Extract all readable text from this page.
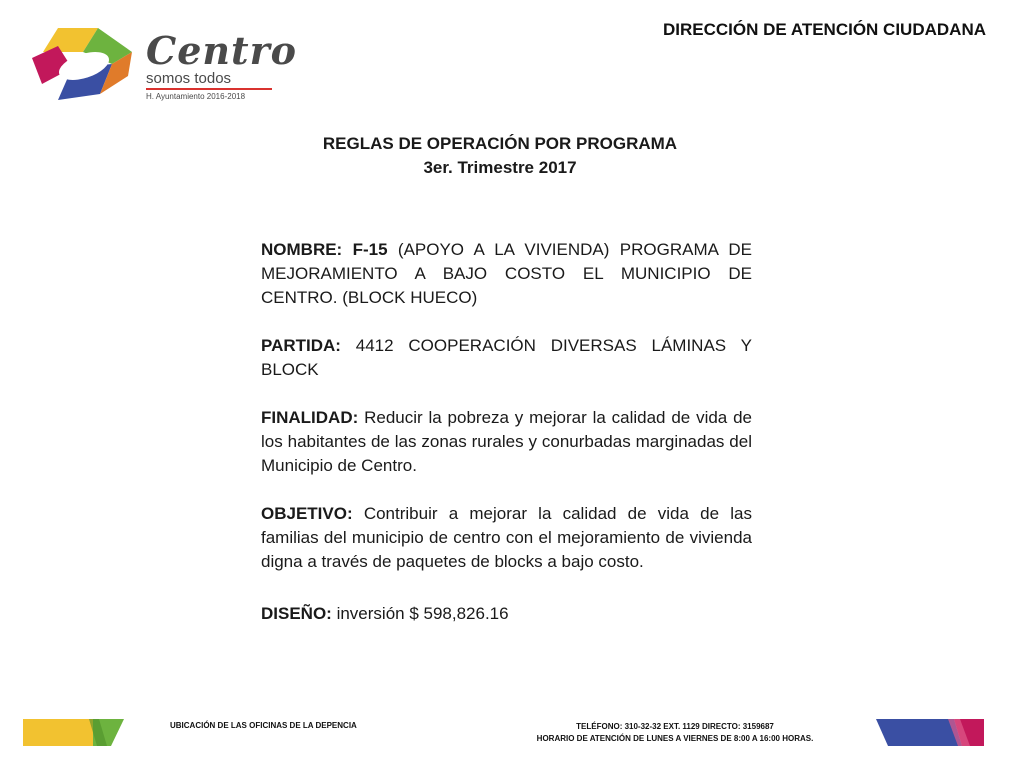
Centro
somos todos
H. Ayuntamiento 2016-2018
DIRECCIÓN DE ATENCIÓN CIUDADANA
REGLAS DE OPERACIÓN POR PROGRAMA
3er. Trimestre 2017

NOMBRE: F-15 (APOYO A LA VIVIENDA) PROGRAMA DE MEJORAMIENTO A BAJO COSTO EL MUNICIPIO DE CENTRO. (BLOCK HUECO)

PARTIDA: 4412 COOPERACIÓN DIVERSAS LÁMINAS Y BLOCK

FINALIDAD: Reducir la pobreza y mejorar la calidad de vida de los habitantes de las zonas rurales y conurbadas marginadas del Municipio de Centro.

OBJETIVO: Contribuir a mejorar la calidad de vida de las familias del municipio de centro con el mejoramiento de vivienda digna a través de paquetes de blocks a bajo costo.

DISEÑO: inversión $ 598,826.16

UBICACIÓN DE LAS OFICINAS DE LA DEPENCIA	TELÉFONO: 310-32-32 EXT. 1129 DIRECTO: 3159687
HORARIO DE ATENCIÓN DE LUNES A VIERNES DE 8:00 A 16:00 HORAS.
